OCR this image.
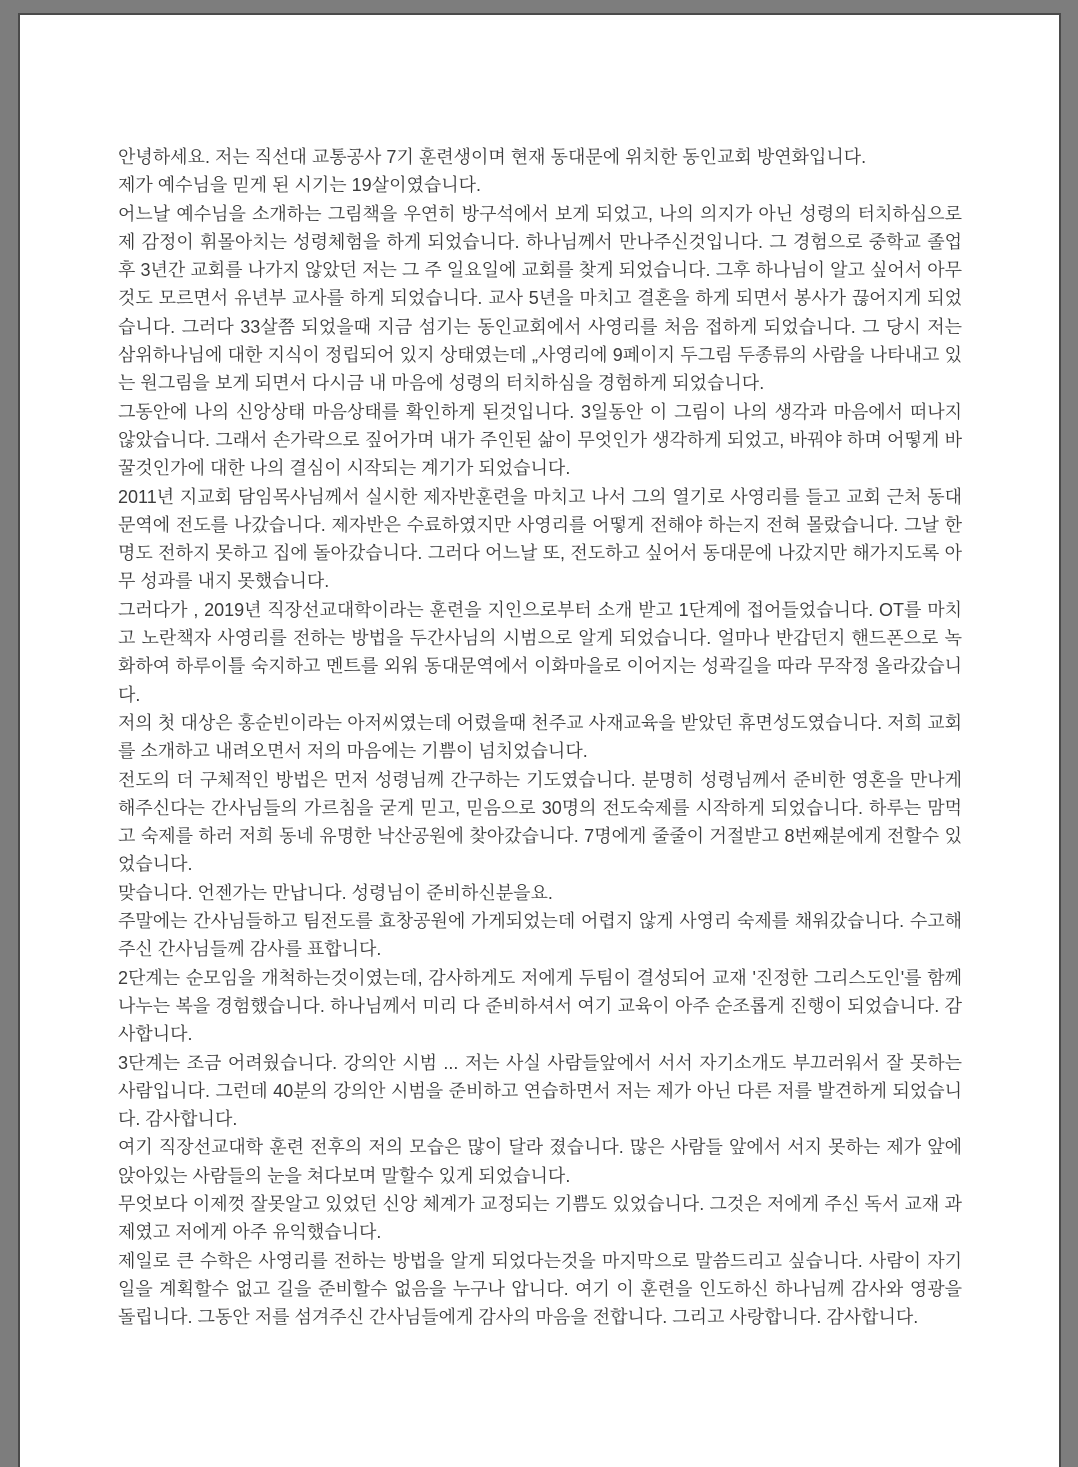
안녕하세요. 저는 직선대 교통공사 7기 훈련생이며 현재 동대문에 위치한 동인교회 방연화입니다.

제가 예수님을 믿게 된 시기는 19살이였습니다.

어느날 예수님을 소개하는 그림책을 우연히 방구석에서 보게 되었고, 나의 의지가 아닌 성령의 터치하심으로 제 감정이 휘몰아치는 성령체험을 하게 되었습니다. 하나님께서 만나주신것입니다. 그 경험으로 중학교 졸업후 3년간 교회를 나가지 않았던 저는 그 주 일요일에 교회를 찾게 되었습니다. 그후 하나님이 알고 싶어서 아무것도 모르면서 유년부 교사를 하게 되었습니다. 교사 5년을 마치고 결혼을 하게 되면서 봉사가 끊어지게 되었습니다. 그러다 33살쯤 되었을때 지금 섬기는 동인교회에서 사영리를 처음 접하게 되었습니다. 그 당시 저는 삼위하나님에 대한 지식이 정립되어 있지 상태였는데 „사영리에 9페이지 두그림 두종류의 사람을 나타내고 있는 원그림을 보게 되면서 다시금 내 마음에 성령의 터치하심을 경험하게 되었습니다.

그동안에 나의 신앙상태 마음상태를 확인하게 된것입니다. 3일동안 이 그림이 나의 생각과 마음에서 떠나지 않았습니다. 그래서 손가락으로 짚어가며 내가 주인된 삶이 무엇인가 생각하게 되었고, 바꿔야 하며 어떻게 바꿀것인가에 대한 나의 결심이 시작되는 계기가 되었습니다.

2011년 지교회 담임목사님께서 실시한 제자반훈련을 마치고 나서 그의 열기로 사영리를 들고 교회 근처 동대문역에 전도를 나갔습니다. 제자반은 수료하였지만 사영리를 어떻게 전해야 하는지 전혀 몰랐습니다. 그날 한명도 전하지 못하고 집에 돌아갔습니다. 그러다 어느날 또, 전도하고 싶어서 동대문에 나갔지만 해가지도록 아무 성과를 내지 못했습니다.

그러다가 , 2019년 직장선교대학이라는 훈련을 지인으로부터 소개 받고 1단계에 접어들었습니다. OT를 마치고 노란책자 사영리를 전하는 방법을 두간사님의 시범으로 알게 되었습니다. 얼마나 반갑던지 핸드폰으로 녹화하여 하루이틀 숙지하고 멘트를 외워 동대문역에서 이화마을로 이어지는 성곽길을 따라 무작정 올라갔습니다.

저의 첫 대상은 홍순빈이라는 아저씨였는데 어렸을때 천주교 사재교육을 받았던 휴면성도였습니다. 저희 교회를 소개하고 내려오면서 저의 마음에는 기쁨이 넘치었습니다.

전도의 더 구체적인 방법은 먼저 성령님께 간구하는 기도였습니다. 분명히 성령님께서 준비한 영혼을 만나게 해주신다는 간사님들의 가르침을 굳게 믿고, 믿음으로 30명의 전도숙제를 시작하게 되었습니다. 하루는 맘먹고 숙제를 하러 저희 동네 유명한 낙산공원에 찾아갔습니다. 7명에게 줄줄이 거절받고 8번째분에게 전할수 있었습니다.

맞습니다. 언젠가는 만납니다. 성령님이 준비하신분을요.

주말에는 간사님들하고 팀전도를 효창공원에 가게되었는데 어렵지 않게 사영리 숙제를 채워갔습니다. 수고해 주신 간사님들께 감사를 표합니다.

2단계는 순모임을 개척하는것이였는데, 감사하게도 저에게 두팀이 결성되어 교재 '진정한 그리스도인'를 함께 나누는 복을 경험했습니다. 하나님께서 미리 다 준비하셔서 여기 교육이 아주 순조롭게 진행이 되었습니다. 감사합니다.

3단계는 조금 어려웠습니다. 강의안 시범 ... 저는 사실 사람들앞에서 서서 자기소개도 부끄러워서 잘 못하는 사람입니다. 그런데 40분의 강의안 시범을 준비하고 연습하면서 저는 제가 아닌 다른 저를 발견하게 되었습니다. 감사합니다.

여기 직장선교대학 훈련 전후의 저의 모습은 많이 달라 졌습니다. 많은 사람들 앞에서 서지 못하는 제가 앞에 앉아있는 사람들의 눈을 쳐다보며 말할수 있게 되었습니다.

무엇보다 이제껏 잘못알고 있었던 신앙 체계가 교정되는 기쁨도 있었습니다. 그것은 저에게 주신 독서 교재 과제였고 저에게 아주 유익했습니다.

제일로 큰 수학은 사영리를 전하는 방법을 알게 되었다는것을 마지막으로 말씀드리고 싶습니다. 사람이 자기일을 계획할수 없고 길을 준비할수 없음을 누구나 압니다. 여기 이 훈련을 인도하신 하나님께 감사와 영광을 돌립니다. 그동안 저를 섬겨주신 간사님들에게 감사의 마음을 전합니다. 그리고 사랑합니다. 감사합니다.
